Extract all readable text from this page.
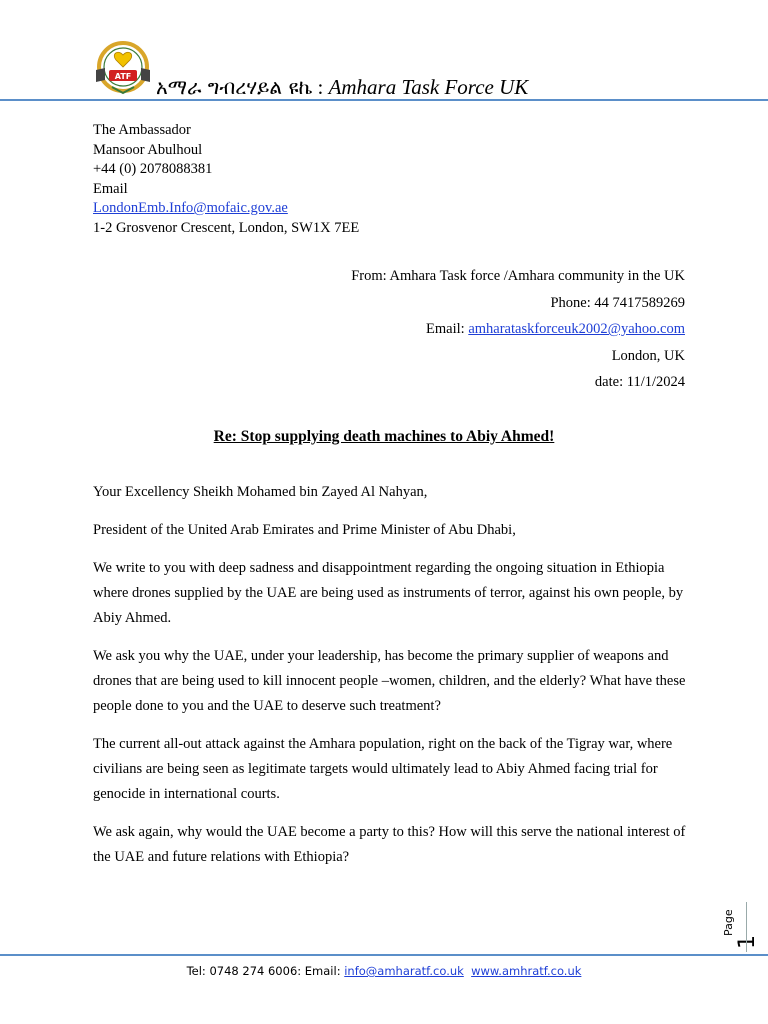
ATF አማራ ግብረሃይል ዩኬ : Amhara Task Force UK
The Ambassador
Mansoor Abulhoul
+44 (0) 2078088381
Email
LondonEmb.Info@mofaic.gov.ae
1-2 Grosvenor Crescent, London, SW1X 7EE
From: Amhara Task force /Amhara community in the UK
Phone: 44 7417589269
Email: amharataskforceuk2002@yahoo.com
London, UK
date: 11/1/2024
Re: Stop supplying death machines to Abiy Ahmed!

Your Excellency Sheikh Mohamed bin Zayed Al Nahyan,

President of the United Arab Emirates and Prime Minister of Abu Dhabi,

We write to you with deep sadness and disappointment regarding the ongoing situation in Ethiopia where drones supplied by the UAE are being used as instruments of terror, against his own people, by Abiy Ahmed.

We ask you why the UAE, under your leadership, has become the primary supplier of weapons and drones that are being used to kill innocent people –women, children, and the elderly? What have these people done to you and the UAE to deserve such treatment?

The current all-out attack against the Amhara population, right on the back of the Tigray war, where civilians are being seen as legitimate targets would ultimately lead to Abiy Ahmed facing trial for genocide in international courts.

We ask again, why would the UAE become a party to this? How will this serve the national interest of the UAE and future relations with Ethiopia?

Page
1
Tel: 0748 274 6006: Email: info@amharatf.co.uk www.amhratf.co.uk
